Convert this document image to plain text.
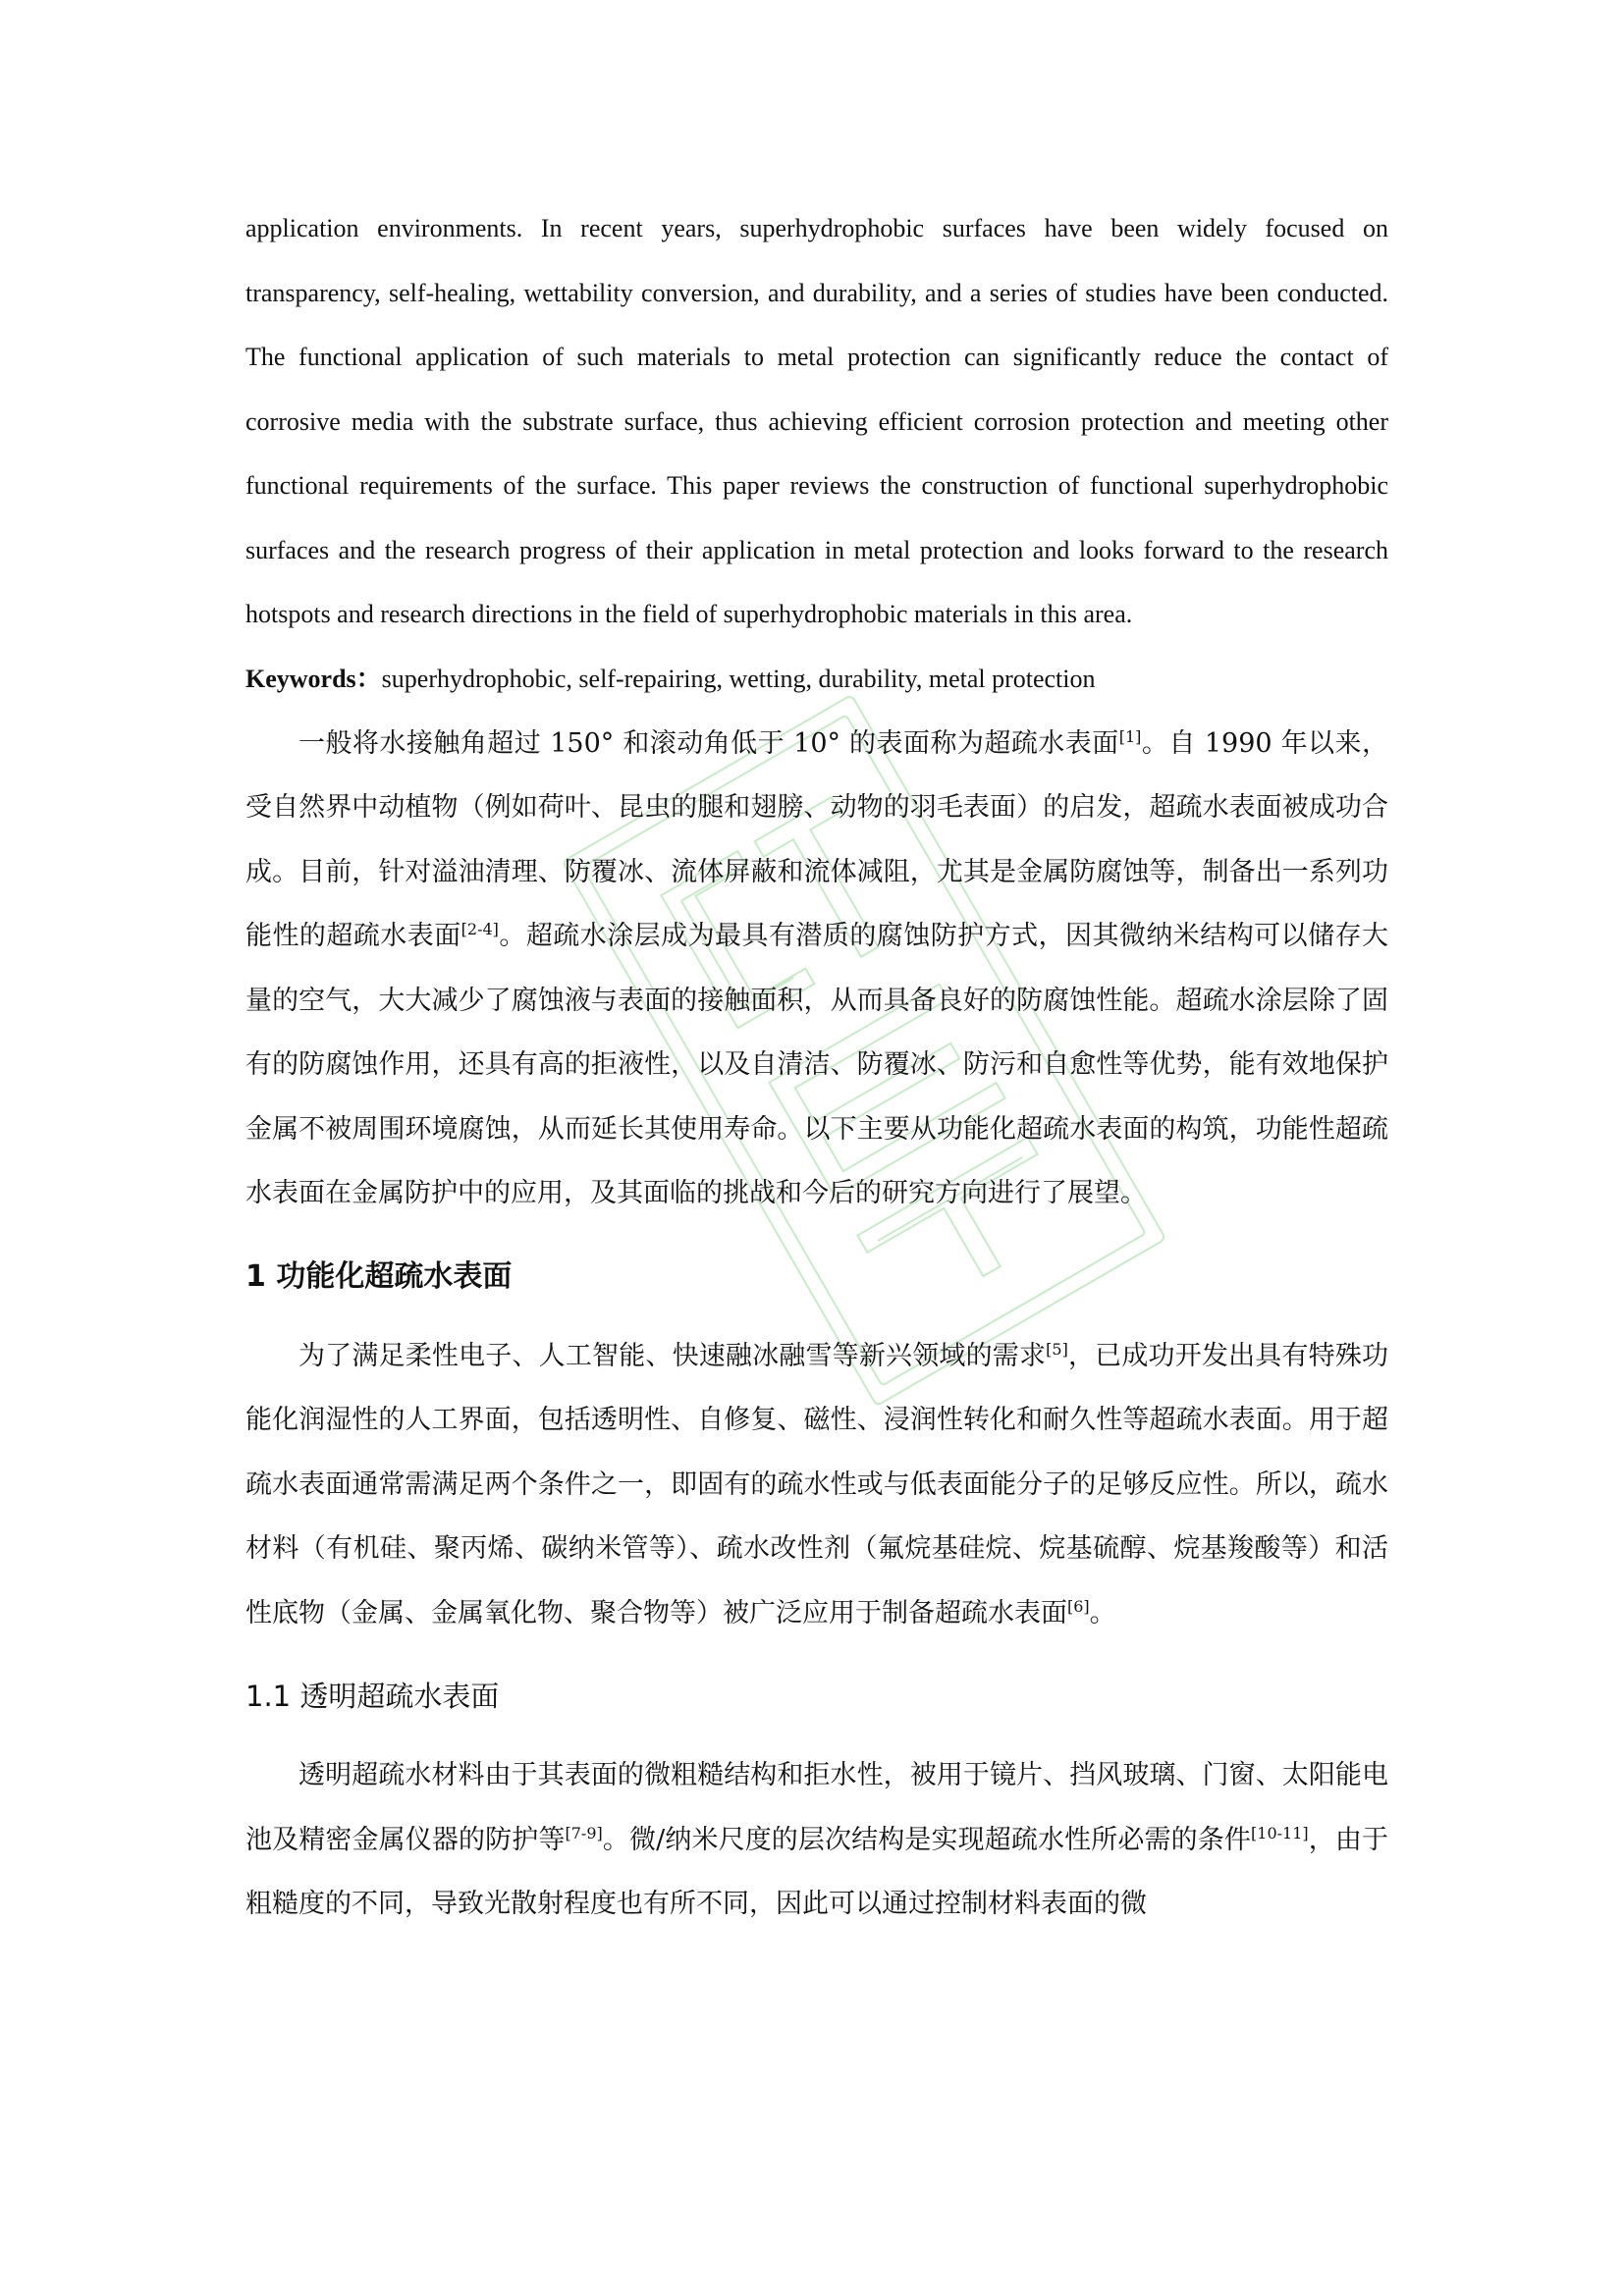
application environments. In recent years, superhydrophobic surfaces have been widely focused on transparency, self-healing, wettability conversion, and durability, and a series of studies have been conducted. The functional application of such materials to metal protection can significantly reduce the contact of corrosive media with the substrate surface, thus achieving efficient corrosion protection and meeting other functional requirements of the surface. This paper reviews the construction of functional superhydrophobic surfaces and the research progress of their application in metal protection and looks forward to the research hotspots and research directions in the field of superhydrophobic materials in this area.

Keywords：superhydrophobic, self-repairing, wetting, durability, metal protection

一般将水接触角超过 150° 和滚动角低于 10° 的表面称为超疏水表面[1]。自 1990 年以来，受自然界中动植物（例如荷叶、昆虫的腿和翅膀、动物的羽毛表面）的启发，超疏水表面被成功合成。目前，针对溢油清理、防覆冰、流体屏蔽和流体减阻，尤其是金属防腐蚀等，制备出一系列功能性的超疏水表面[2-4]。超疏水涂层成为最具有潜质的腐蚀防护方式，因其微纳米结构可以储存大量的空气，大大减少了腐蚀液与表面的接触面积，从而具备良好的防腐蚀性能。超疏水涂层除了固有的防腐蚀作用，还具有高的拒液性，以及自清洁、防覆冰、防污和自愈性等优势，能有效地保护金属不被周围环境腐蚀，从而延长其使用寿命。以下主要从功能化超疏水表面的构筑，功能性超疏水表面在金属防护中的应用，及其面临的挑战和今后的研究方向进行了展望。

1 功能化超疏水表面

为了满足柔性电子、人工智能、快速融冰融雪等新兴领域的需求[5]，已成功开发出具有特殊功能化润湿性的人工界面，包括透明性、自修复、磁性、浸润性转化和耐久性等超疏水表面。用于超疏水表面通常需满足两个条件之一，即固有的疏水性或与低表面能分子的足够反应性。所以，疏水材料（有机硅、聚丙烯、碳纳米管等）、疏水改性剂（氟烷基硅烷、烷基硫醇、烷基羧酸等）和活性底物（金属、金属氧化物、聚合物等）被广泛应用于制备超疏水表面[6]。

1.1 透明超疏水表面

透明超疏水材料由于其表面的微粗糙结构和拒水性，被用于镜片、挡风玻璃、门窗、太阳能电池及精密金属仪器的防护等[7-9]。微/纳米尺度的层次结构是实现超疏水性所必需的条件[10-11]，由于粗糙度的不同，导致光散射程度也有所不同，因此可以通过控制材料表面的微
